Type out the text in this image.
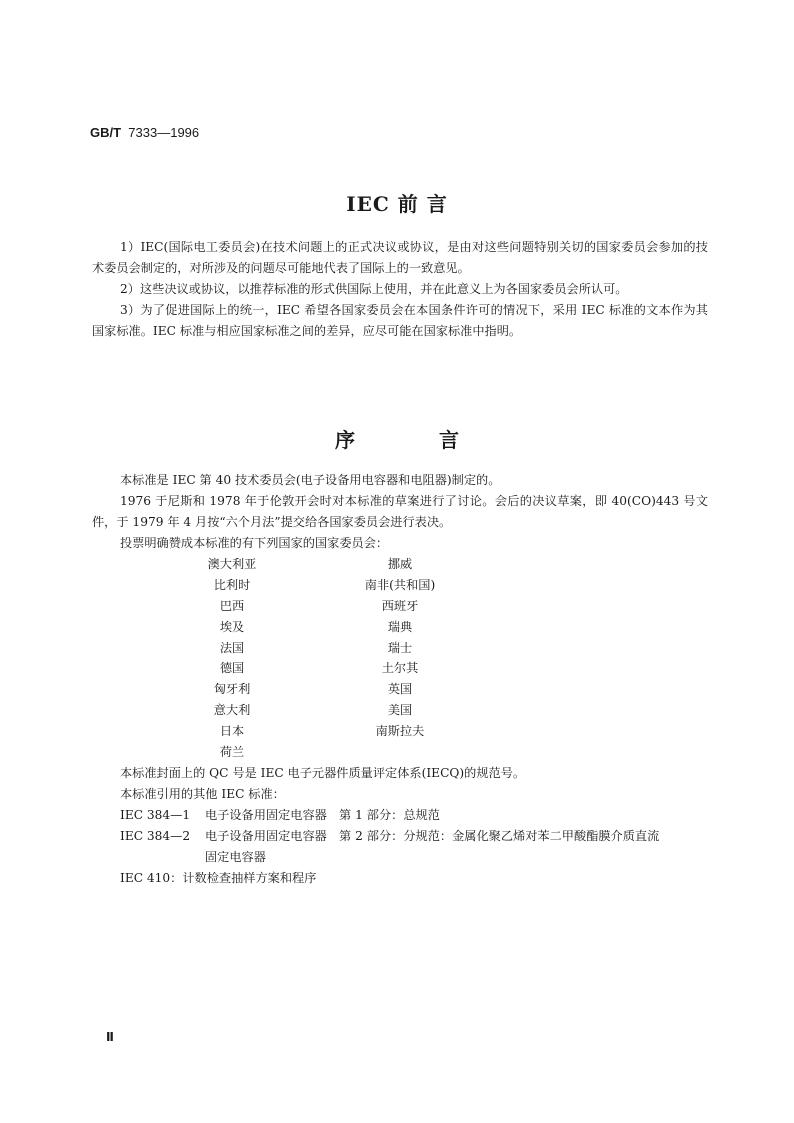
GB/T 7333—1996
IEC 前 言

1）IEC(国际电工委员会)在技术问题上的正式决议或协议，是由对这些问题特别关切的国家委员会参加的技术委员会制定的，对所涉及的问题尽可能地代表了国际上的一致意见。

2）这些决议或协议，以推荐标准的形式供国际上使用，并在此意义上为各国家委员会所认可。

3）为了促进国际上的统一，IEC 希望各国家委员会在本国条件许可的情况下，采用 IEC 标准的文本作为其国家标准。IEC 标准与相应国家标准之间的差异，应尽可能在国家标准中指明。

序	言

本标准是 IEC 第 40 技术委员会(电子设备用电容器和电阻器)制定的。

1976 于尼斯和 1978 年于伦敦开会时对本标准的草案进行了讨论。会后的决议草案，即 40(CO)443 号文件，于 1979 年 4 月按“六个月法”提交给各国家委员会进行表决。

投票明确赞成本标准的有下列国家的国家委员会：

澳大利亚
比利时
巴西
埃及
法国
德国
匈牙利
意大利
日本
荷兰
挪威
南非(共和国)
西班牙
瑞典
瑞士
土尔其
英国
美国
南斯拉夫

本标准封面上的 QC 号是 IEC 电子元器件质量评定体系(IECQ)的规范号。

本标准引用的其他 IEC 标准：

IEC 384—1 电子设备用固定电容器　第 1 部分：总规范

IEC 384—2 电子设备用固定电容器　第 2 部分：分规范：金属化聚乙烯对苯二甲酸酯膜介质直流

固定电容器

IEC 410：计数检查抽样方案和程序

Ⅱ
